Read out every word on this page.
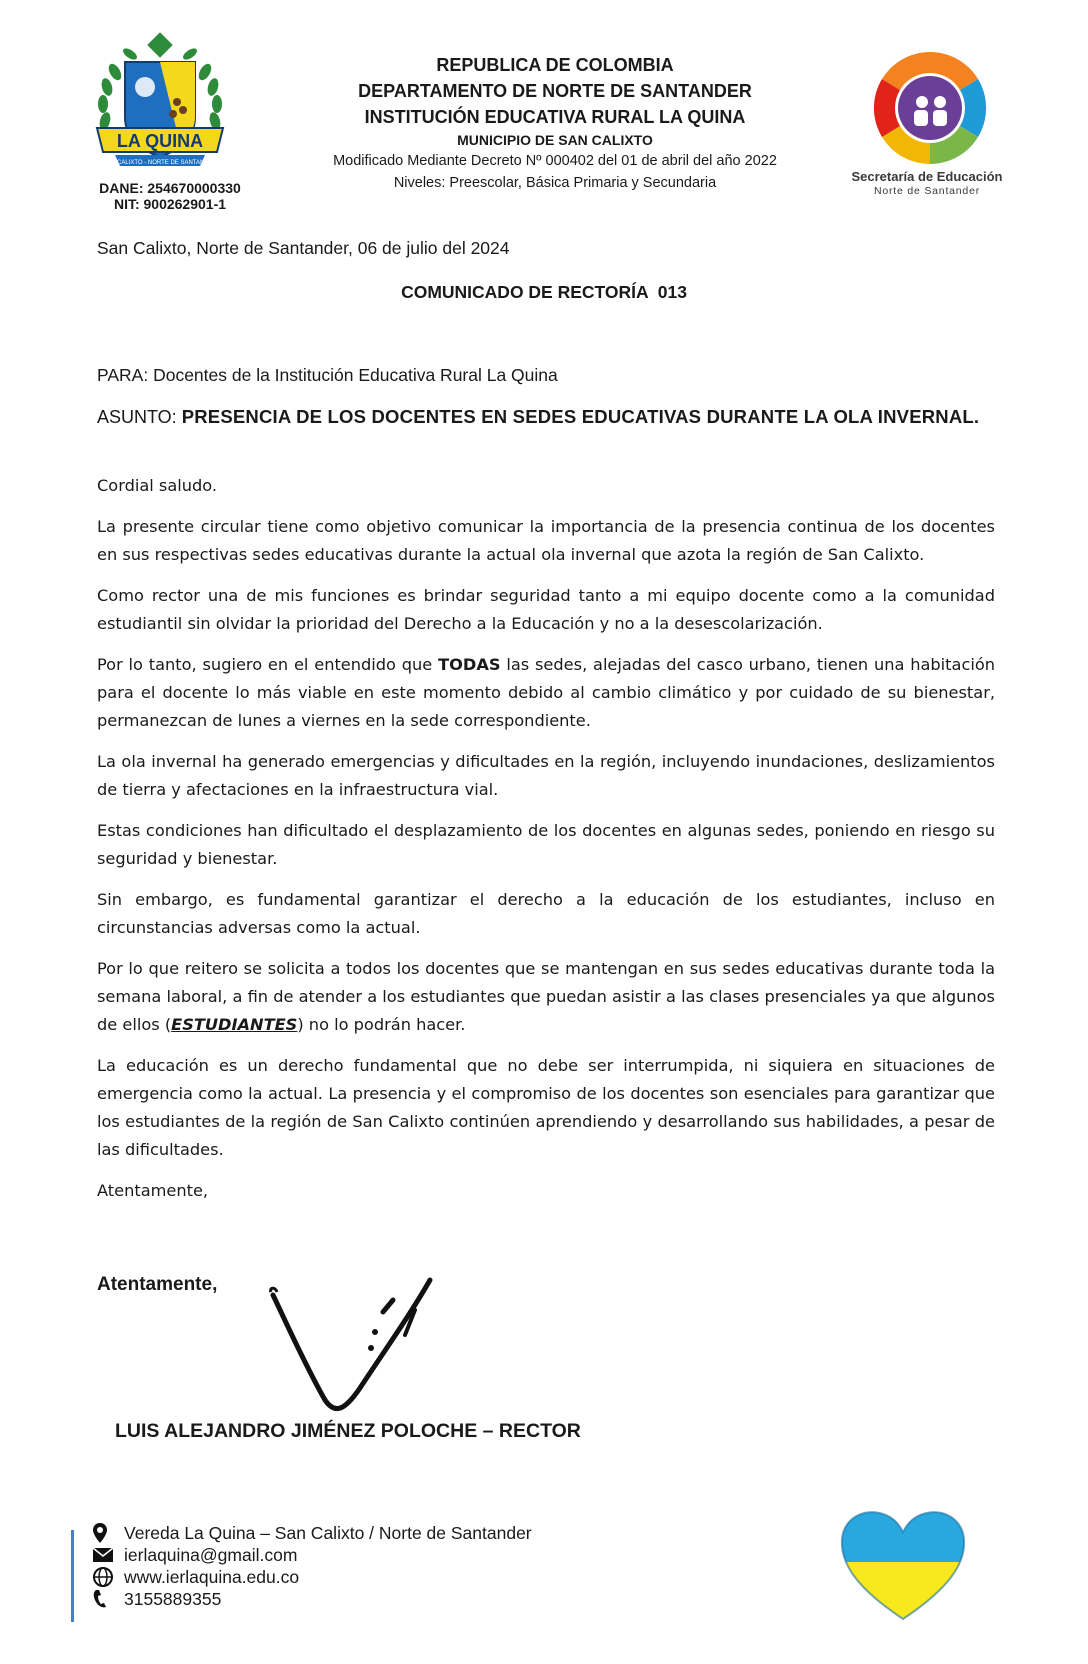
LA QUINA
SAN CALIXTO - NORTE DE SANTANDER
DANE: 254670000330
NIT: 900262901-1
REPUBLICA DE COLOMBIA
DEPARTAMENTO DE NORTE DE SANTANDER
INSTITUCIÓN EDUCATIVA RURAL LA QUINA
MUNICIPIO DE SAN CALIXTO
Modificado Mediante Decreto Nº 000402 del 01 de abril del año 2022
Niveles: Preescolar, Básica Primaria y Secundaria	Secretaría de Educación
Norte de Santander
San Calixto, Norte de Santander, 06 de julio del 2024
COMUNICADO DE RECTORÍA  013
PARA: Docentes de la Institución Educativa Rural La Quina
ASUNTO: PRESENCIA DE LOS DOCENTES EN SEDES EDUCATIVAS DURANTE LA OLA INVERNAL.

Cordial saludo.

La presente circular tiene como objetivo comunicar la importancia de la presencia continua de los docentes en sus respectivas sedes educativas durante la actual ola invernal que azota la región de San Calixto.

Como rector una de mis funciones es brindar seguridad tanto a mi equipo docente como a la comunidad estudiantil sin olvidar la prioridad del Derecho a la Educación y no a la desescolarización.

Por lo tanto, sugiero en el entendido que TODAS las sedes, alejadas del casco urbano, tienen una habitación para el docente lo más viable en este momento debido al cambio climático y por cuidado de su bienestar, permanezcan de lunes a viernes en la sede correspondiente.

La ola invernal ha generado emergencias y dificultades en la región, incluyendo inundaciones, deslizamientos de tierra y afectaciones en la infraestructura vial.

Estas condiciones han dificultado el desplazamiento de los docentes en algunas sedes, poniendo en riesgo su seguridad y bienestar.

Sin embargo, es fundamental garantizar el derecho a la educación de los estudiantes, incluso en circunstancias adversas como la actual.

Por lo que reitero se solicita a todos los docentes que se mantengan en sus sedes educativas durante toda la semana laboral, a fin de atender a los estudiantes que puedan asistir a las clases presenciales ya que algunos de ellos (ESTUDIANTES) no lo podrán hacer.

La educación es un derecho fundamental que no debe ser interrumpida, ni siquiera en situaciones de emergencia como la actual. La presencia y el compromiso de los docentes son esenciales para garantizar que los estudiantes de la región de San Calixto continúen aprendiendo y desarrollando sus habilidades, a pesar de las dificultades.

Atentamente,

Atentamente,
LUIS ALEJANDRO JIMÉNEZ POLOCHE – RECTOR
Vereda La Quina – San Calixto / Norte de Santander
ierlaquina@gmail.com
www.ierlaquina.edu.co
3155889355
